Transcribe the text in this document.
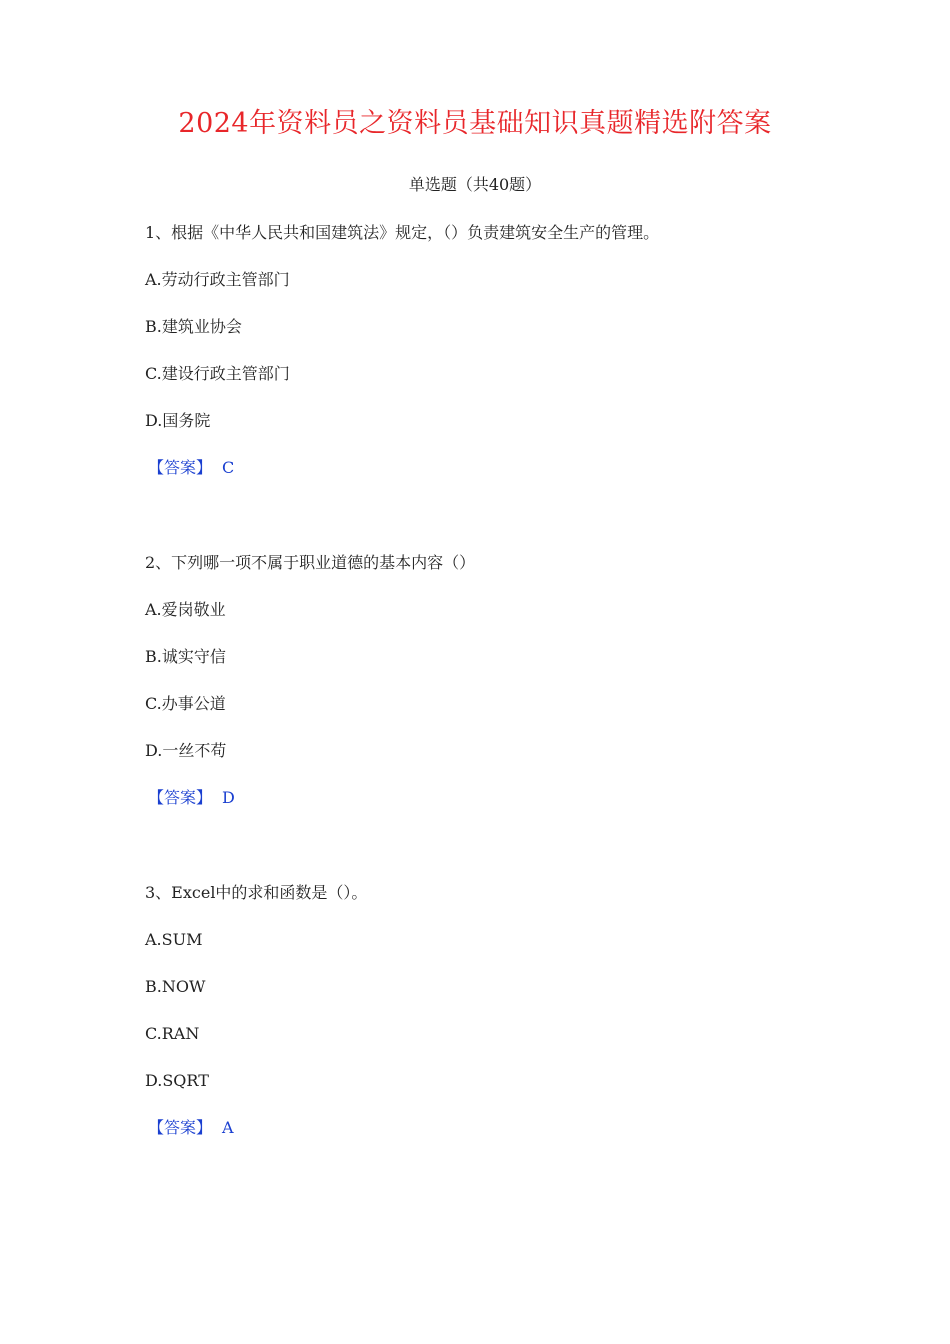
2024年资料员之资料员基础知识真题精选附答案
单选题（共40题）
1、根据《中华人民共和国建筑法》规定，（）负责建筑安全生产的管理。
A.劳动行政主管部门
B.建筑业协会
C.建设行政主管部门
D.国务院
【答案】 C
2、下列哪一项不属于职业道德的基本内容（）
A.爱岗敬业
B.诚实守信
C.办事公道
D.一丝不苟
【答案】 D
3、Excel中的求和函数是（）。
A.SUM
B.NOW
C.RAN
D.SQRT
【答案】 A
